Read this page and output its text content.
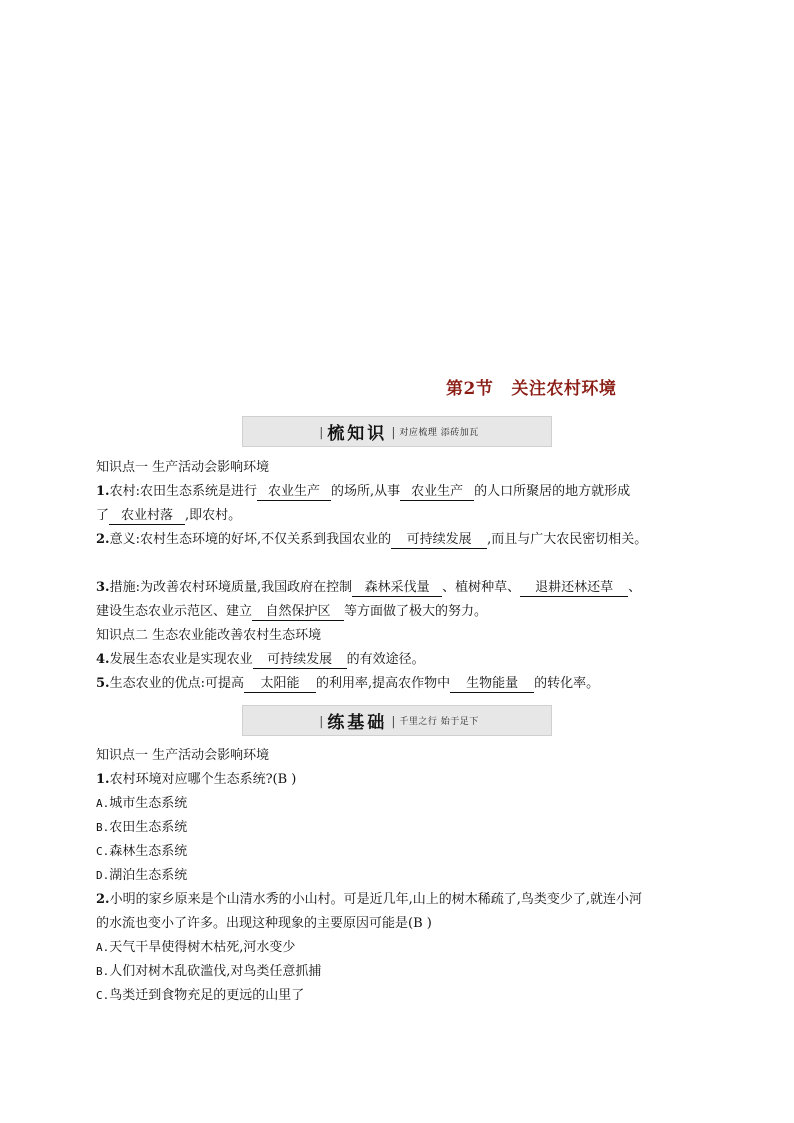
第2节 关注农村环境
| 梳知识 | 对应梳理 添砖加瓦
知识点一 生产活动会影响环境
1.农村:农田生态系统是进行 农业生产 的场所,从事 农业生产 的人口所聚居的地方就形成
了 农业村落 ,即农村。
2.意义:农村生态环境的好坏,不仅关系到我国农业的 可持续发展 ,而且与广大农民密切相关。
3.措施:为改善农村环境质量,我国政府在控制 森林采伐量 、植树种草、 退耕还林还草 、
建设生态农业示范区、建立 自然保护区 等方面做了极大的努力。
知识点二 生态农业能改善农村生态环境
4.发展生态农业是实现农业 可持续发展 的有效途径。
5.生态农业的优点:可提高 太阳能 的利用率,提高农作物中 生物能量 的转化率。
| 练基础 | 千里之行 始于足下
知识点一 生产活动会影响环境
1.农村环境对应哪个生态系统?(B )
A.城市生态系统
B.农田生态系统
C.森林生态系统
D.湖泊生态系统
2.小明的家乡原来是个山清水秀的小山村。可是近几年,山上的树木稀疏了,鸟类变少了,就连小河
的水流也变小了许多。出现这种现象的主要原因可能是(B )
A.天气干旱使得树木枯死,河水变少
B.人们对树木乱砍滥伐,对鸟类任意抓捕
C.鸟类迁到食物充足的更远的山里了
